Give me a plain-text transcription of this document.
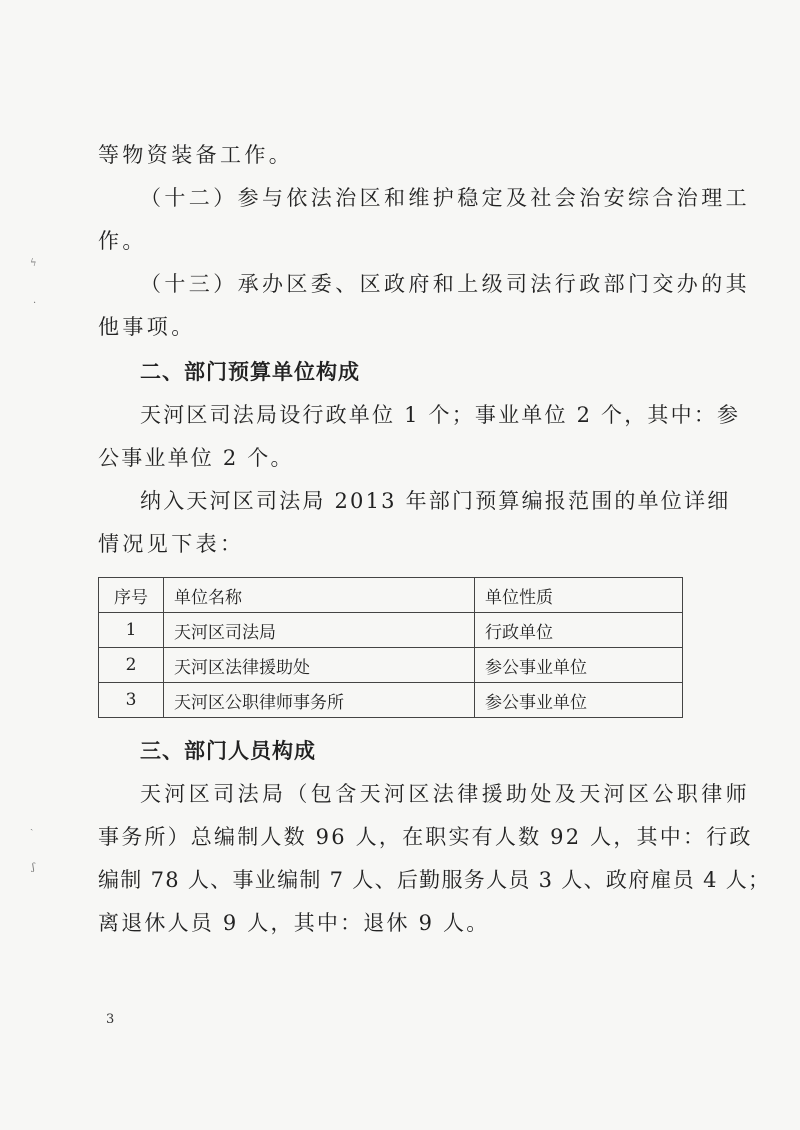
等物资装备工作。
（十二）参与依法治区和维护稳定及社会治安综合治理工
作。
（十三）承办区委、区政府和上级司法行政部门交办的其
他事项。
二、部门预算单位构成
天河区司法局设行政单位 1 个；事业单位 2 个，其中：参
公事业单位 2 个。
纳入天河区司法局 2013 年部门预算编报范围的单位详细
情况见下表：
序号	单位名称	单位性质
1	天河区司法局	行政单位
2	天河区法律援助处	参公事业单位
3	天河区公职律师事务所	参公事业单位
三、部门人员构成
天河区司法局（包含天河区法律援助处及天河区公职律师
事务所）总编制人数 96 人，在职实有人数 92 人，其中：行政
编制 78 人、事业编制 7 人、后勤服务人员 3 人、政府雇员 4 人；
离退休人员 9 人，其中：退休 9 人。
3
ϟ
·
ˎ
ʃ
